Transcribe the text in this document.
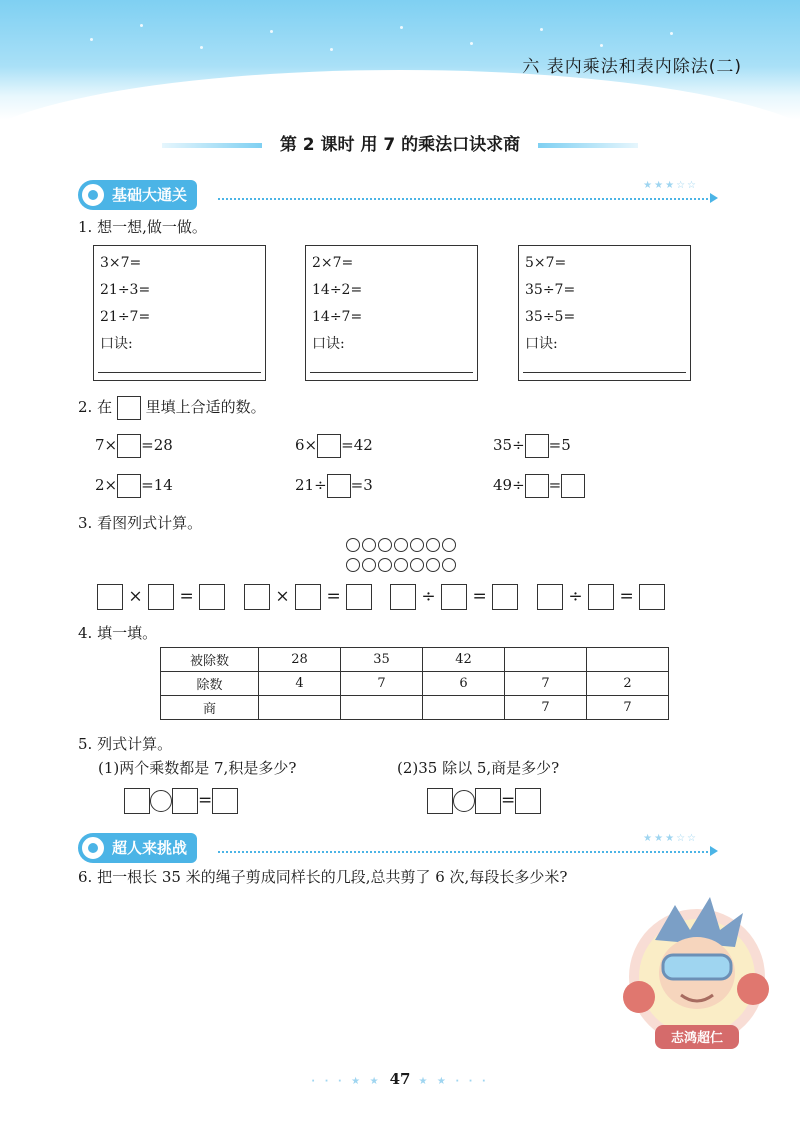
六 表内乘法和表内除法(二)
第 2 课时 用 7 的乘法口诀求商
基础大通关
★★★☆☆
1. 想一想,做一做。
3×7=
21÷3=
21÷7=
口诀:
2×7=
14÷2=
14÷7=
口诀:
5×7=
35÷7=
35÷5=
口诀:
2. 在 里填上合适的数。
7× =28	6× =42	35÷ =5
2× =14	21÷ =3	49÷ =
3. 看图列式计算。
× =	× =	÷ =	÷ =
4. 填一填。
被除数	28	35	42		
除数	4	7	6	7	2
商				7	7
5. 列式计算。
(1)两个乘数都是 7,积是多少?	(2)35 除以 5,商是多少?
=	=
超人来挑战
★★★☆☆
6. 把一根长 35 米的绳子剪成同样长的几段,总共剪了 6 次,每段长多少米?
志鸿超仁
· · · ★ ★ 47 ★ ★ · · ·
